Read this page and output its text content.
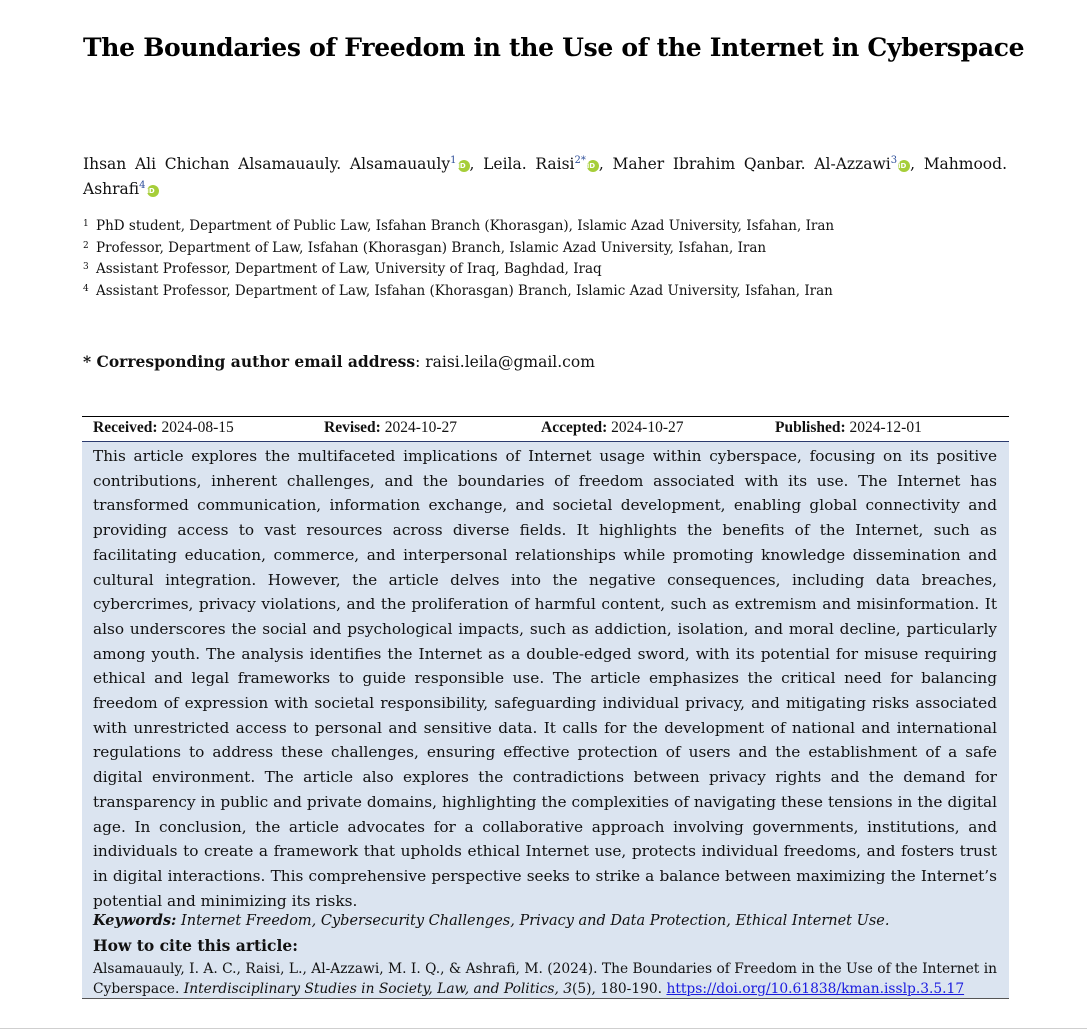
The Boundaries of Freedom in the Use of the Internet in Cyberspace
Ihsan Ali Chichan Alsamauauly. Alsamauauly$^1$iD , Leila. Raisi$^{2*}$iD , Maher Ibrahim Qanbar. Al-Azzawi$^3$iD , Mahmood. Ashrafi$^4$iD
1 PhD student, Department of Public Law, Isfahan Branch (Khorasgan), Islamic Azad University, Isfahan, Iran
2 Professor, Department of Law, Isfahan (Khorasgan) Branch, Islamic Azad University, Isfahan, Iran
3 Assistant Professor, Department of Law, University of Iraq, Baghdad, Iraq
4 Assistant Professor, Department of Law, Isfahan (Khorasgan) Branch, Islamic Azad University, Isfahan, Iran
* Corresponding author email address: raisi.leila@gmail.com
Received: 2024-08-15	Revised: 2024-10-27	Accepted: 2024-10-27	Published: 2024-12-01
This article explores the multifaceted implications of Internet usage within cyberspace, focusing on its positive contributions, inherent challenges, and the boundaries of freedom associated with its use. The Internet has transformed communication, information exchange, and societal development, enabling global connectivity and providing access to vast resources across diverse fields. It highlights the benefits of the Internet, such as facilitating education, commerce, and interpersonal relationships while promoting knowledge dissemination and cultural integration. However, the article delves into the negative consequences, including data breaches, cybercrimes, privacy violations, and the proliferation of harmful content, such as extremism and misinformation. It also underscores the social and psychological impacts, such as addiction, isolation, and moral decline, particularly among youth. The analysis identifies the Internet as a double-edged sword, with its potential for misuse requiring ethical and legal frameworks to guide responsible use. The article emphasizes the critical need for balancing freedom of expression with societal responsibility, safeguarding individual privacy, and mitigating risks associated with unrestricted access to personal and sensitive data. It calls for the development of national and international regulations to address these challenges, ensuring effective protection of users and the establishment of a safe digital environment. The article also explores the contradictions between privacy rights and the demand for transparency in public and private domains, highlighting the complexities of navigating these tensions in the digital age. In conclusion, the article advocates for a collaborative approach involving governments, institutions, and individuals to create a framework that upholds ethical Internet use, protects individual freedoms, and fosters trust in digital interactions. This comprehensive perspective seeks to strike a balance between maximizing the Internet’s potential and minimizing its risks.
Keywords: Internet Freedom, Cybersecurity Challenges, Privacy and Data Protection, Ethical Internet Use.
How to cite this article:
Alsamauauly, I. A. C., Raisi, L., Al-Azzawi, M. I. Q., & Ashrafi, M. (2024). The Boundaries of Freedom in the Use of the Internet in Cyberspace. Interdisciplinary Studies in Society, Law, and Politics, 3(5), 180-190. https://doi.org/10.61838/kman.isslp.3.5.17
